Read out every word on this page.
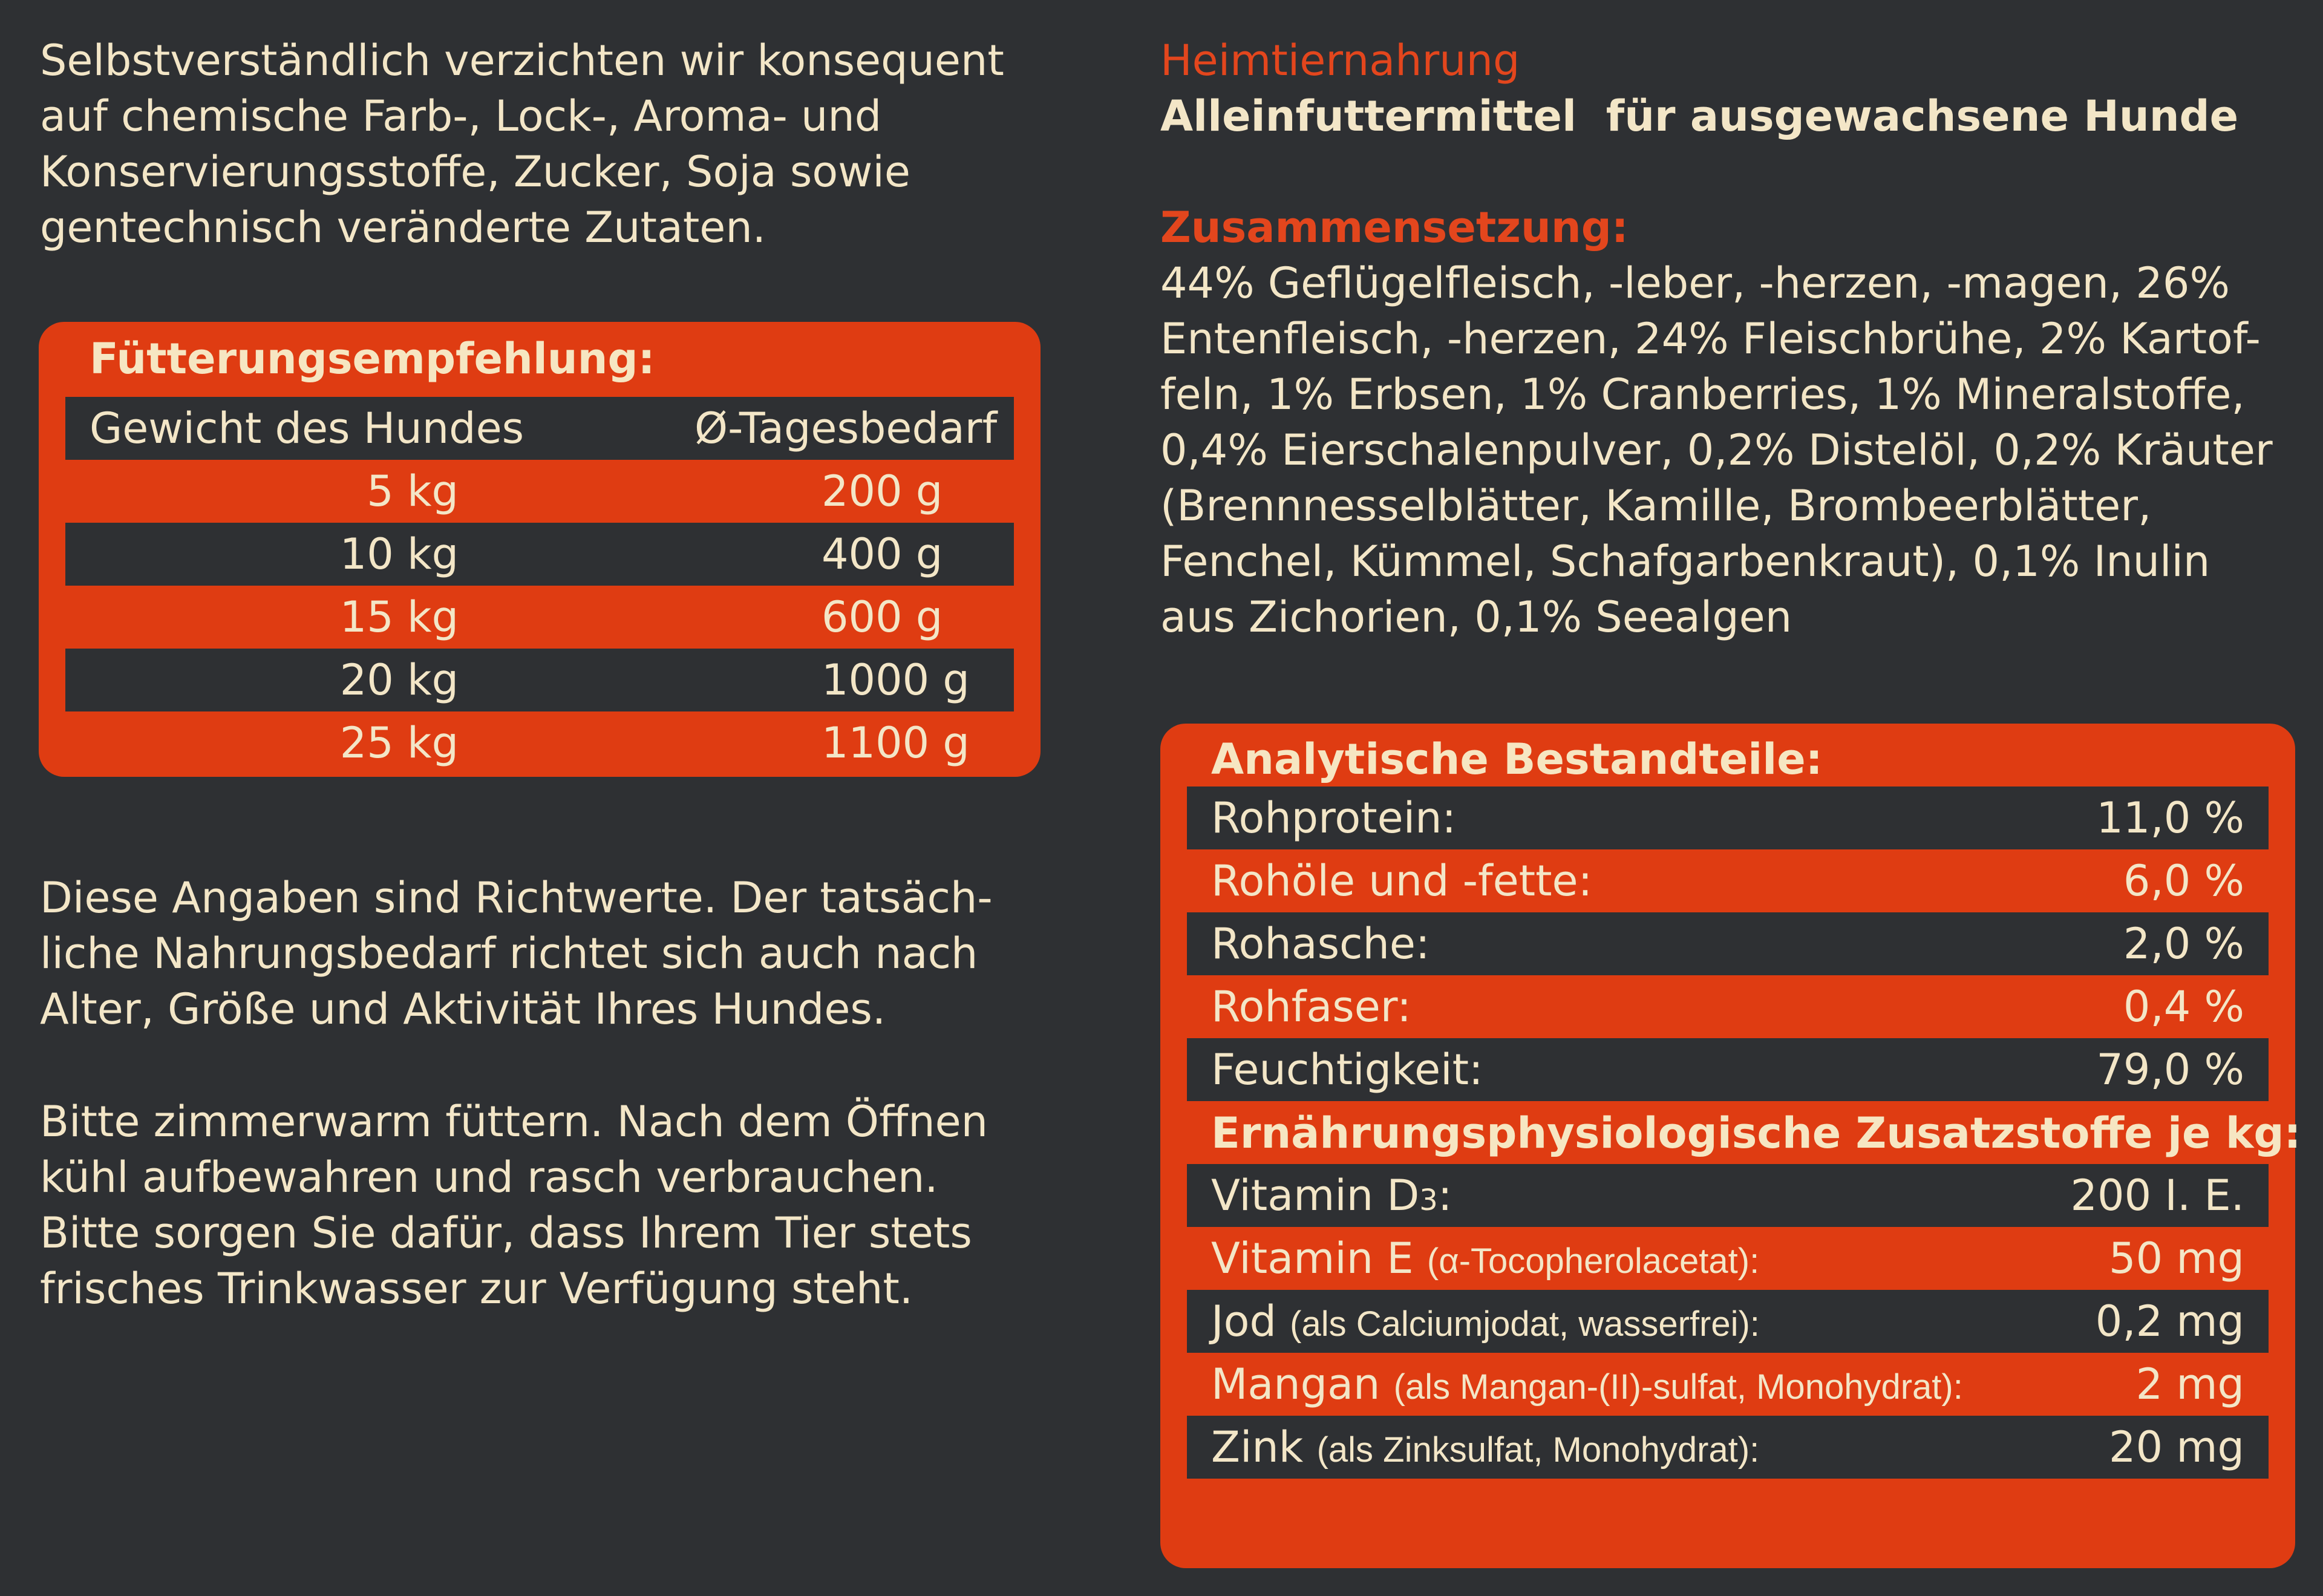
Selbstverständlich verzichten wir konsequent
auf chemische Farb-, Lock-, Aroma- und
Konservierungsstoffe, Zucker, Soja sowie
gentechnisch veränderte Zutaten.
Fütterungsempfehlung:
Gewicht des Hundes	Ø-Tagesbedarf
5 kg	200 g
10 kg	400 g
15 kg	600 g
20 kg	1000 g
25 kg	1100 g
Diese Angaben sind Richtwerte. Der tatsäch-
liche Nahrungsbedarf richtet sich auch nach
Alter, Größe und Aktivität Ihres Hundes.
Bitte zimmerwarm füttern. Nach dem Öffnen
kühl aufbewahren und rasch verbrauchen.
Bitte sorgen Sie dafür, dass Ihrem Tier stets
frisches Trinkwasser zur Verfügung steht.
Heimtiernahrung
Alleinfuttermittel  für ausgewachsene Hunde
Zusammensetzung:
44% Geflügelfleisch, -leber, -herzen, -magen, 26%
Entenfleisch, -herzen, 24% Fleischbrühe, 2% Kartof-
feln, 1% Erbsen, 1% Cranberries, 1% Mineralstoffe,
0,4% Eierschalenpulver, 0,2% Distelöl, 0,2% Kräuter
(Brennnesselblätter, Kamille, Brombeerblätter,
Fenchel, Kümmel, Schafgarbenkraut), 0,1% Inulin
aus Zichorien, 0,1% Seealgen
Analytische Bestandteile:
Rohprotein:	11,0 %
Rohöle und -fette:	6,0 %
Rohasche:	2,0 %
Rohfaser:	0,4 %
Feuchtigkeit:	79,0 %
Ernährungsphysiologische Zusatzstoffe je kg:
Vitamin D3:	200 I. E.
Vitamin E (α-Tocopherolacetat):	50 mg
Jod (als Calciumjodat, wasserfrei):	0,2 mg
Mangan (als Mangan-(II)-sulfat, Monohydrat):	2 mg
Zink (als Zinksulfat, Monohydrat):	20 mg
